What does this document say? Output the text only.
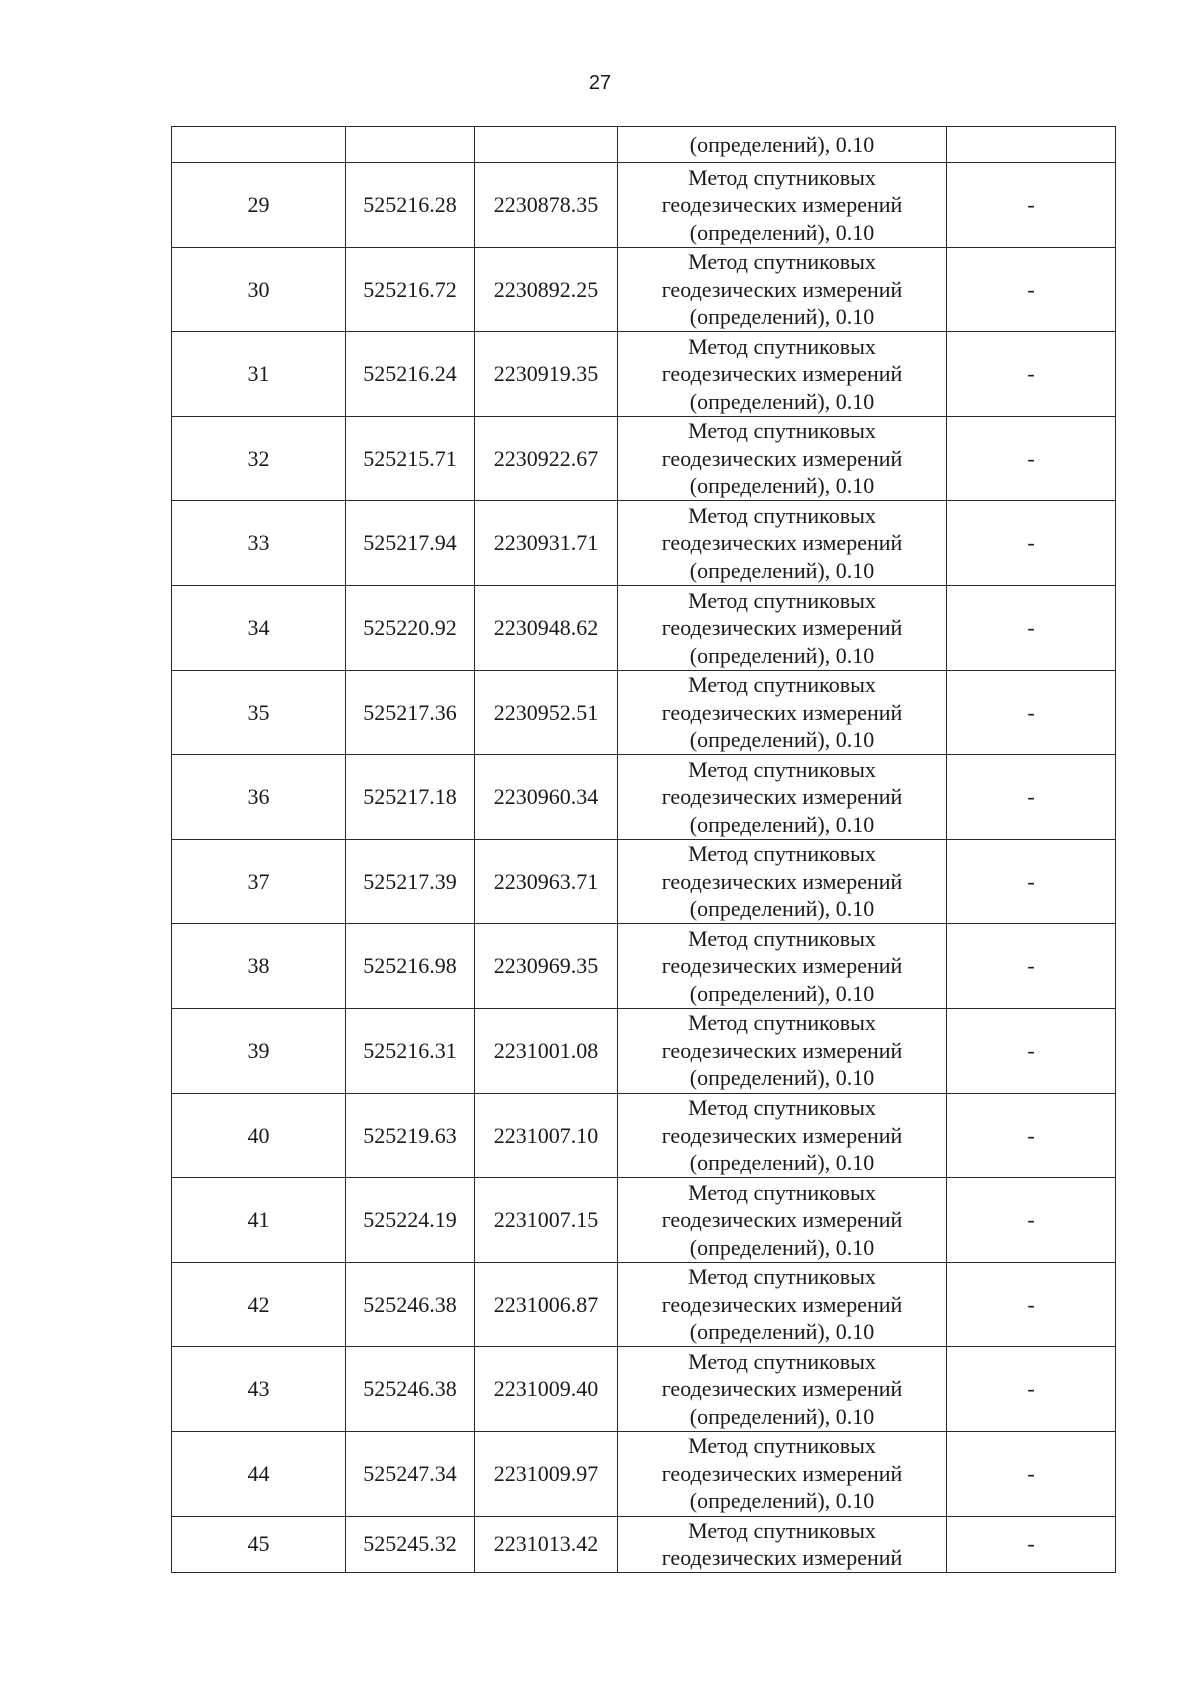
27
			(определений), 0.10	
29	525216.28	2230878.35	Метод спутниковых
геодезических измерений
(определений), 0.10	-
30	525216.72	2230892.25	Метод спутниковых
геодезических измерений
(определений), 0.10	-
31	525216.24	2230919.35	Метод спутниковых
геодезических измерений
(определений), 0.10	-
32	525215.71	2230922.67	Метод спутниковых
геодезических измерений
(определений), 0.10	-
33	525217.94	2230931.71	Метод спутниковых
геодезических измерений
(определений), 0.10	-
34	525220.92	2230948.62	Метод спутниковых
геодезических измерений
(определений), 0.10	-
35	525217.36	2230952.51	Метод спутниковых
геодезических измерений
(определений), 0.10	-
36	525217.18	2230960.34	Метод спутниковых
геодезических измерений
(определений), 0.10	-
37	525217.39	2230963.71	Метод спутниковых
геодезических измерений
(определений), 0.10	-
38	525216.98	2230969.35	Метод спутниковых
геодезических измерений
(определений), 0.10	-
39	525216.31	2231001.08	Метод спутниковых
геодезических измерений
(определений), 0.10	-
40	525219.63	2231007.10	Метод спутниковых
геодезических измерений
(определений), 0.10	-
41	525224.19	2231007.15	Метод спутниковых
геодезических измерений
(определений), 0.10	-
42	525246.38	2231006.87	Метод спутниковых
геодезических измерений
(определений), 0.10	-
43	525246.38	2231009.40	Метод спутниковых
геодезических измерений
(определений), 0.10	-
44	525247.34	2231009.97	Метод спутниковых
геодезических измерений
(определений), 0.10	-
45	525245.32	2231013.42	Метод спутниковых
геодезических измерений	-
